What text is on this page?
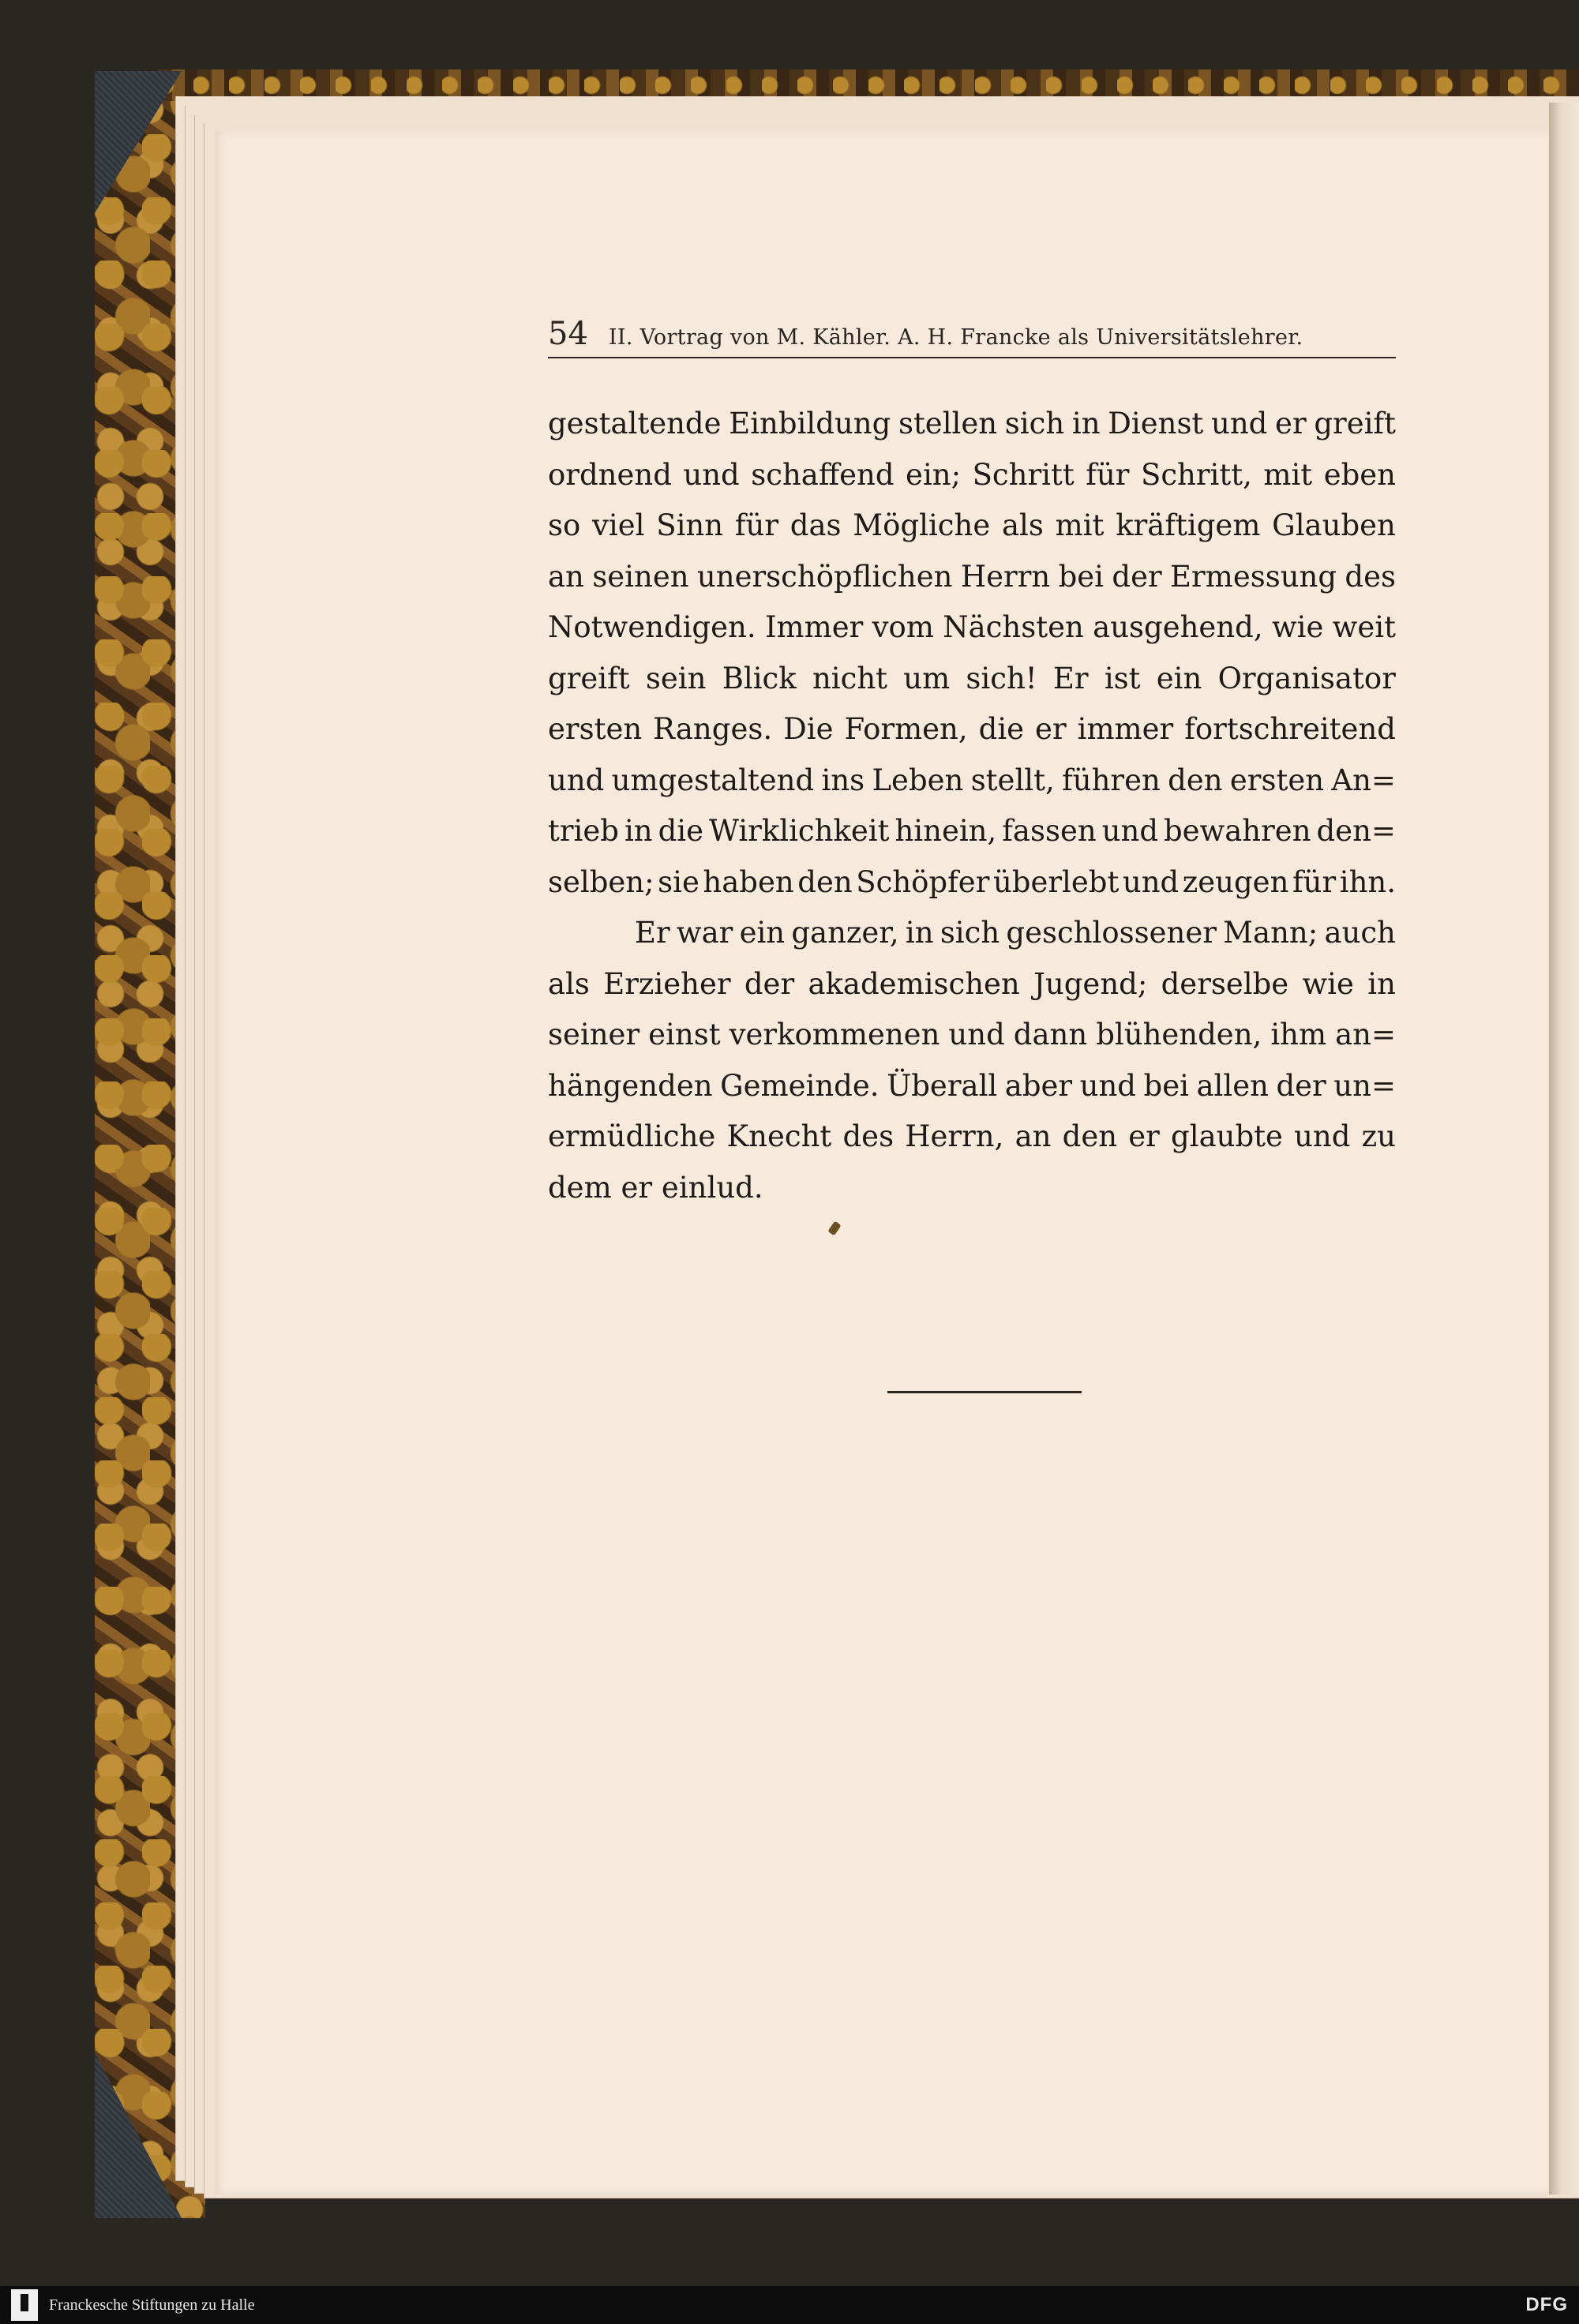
54 II. Vortrag von M. Kähler. A. H. Francke als Universitätslehrer.
gestaltende Einbildung stellen sich in Dienst und er greift
ordnend und schaffend ein; Schritt für Schritt, mit eben
so viel Sinn für das Mögliche als mit kräftigem Glauben
an seinen unerschöpflichen Herrn bei der Ermessung des
Notwendigen. Immer vom Nächsten ausgehend, wie weit
greift sein Blick nicht um sich! Er ist ein Organisator
ersten Ranges. Die Formen, die er immer fortschreitend
und umgestaltend ins Leben stellt, führen den ersten An=
trieb in die Wirklichkeit hinein, fassen und bewahren den=
selben; sie haben den Schöpfer überlebt und zeugen für ihn.
Er war ein ganzer, in sich geschlossener Mann; auch
als Erzieher der akademischen Jugend; derselbe wie in
seiner einst verkommenen und dann blühenden, ihm an=
hängenden Gemeinde. Überall aber und bei allen der un=
ermüdliche Knecht des Herrn, an den er glaubte und zu
dem er einlud.
Franckesche Stiftungen zu Halle	DFG
